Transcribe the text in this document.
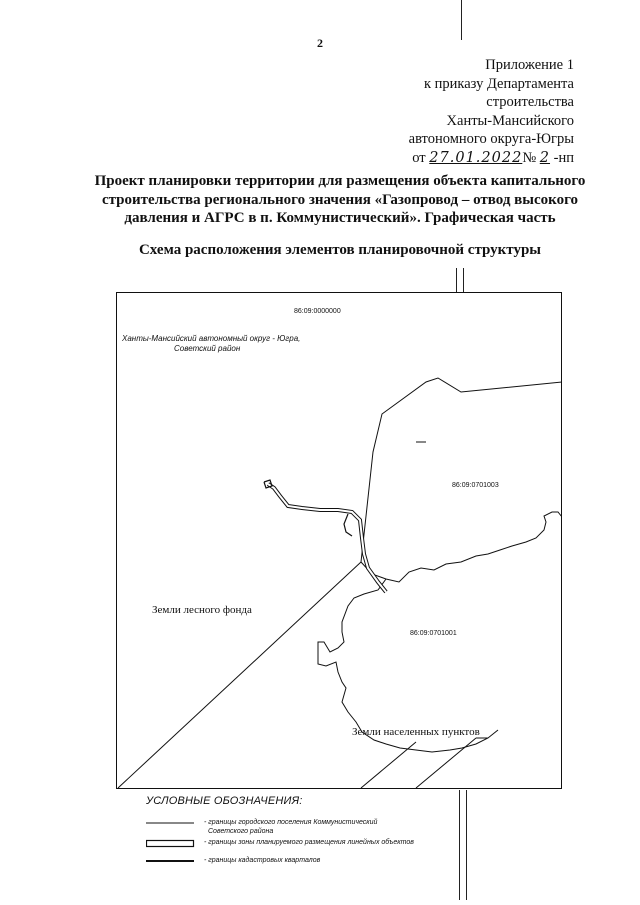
2
Приложение 1
к приказу Департамента
строительства
Ханты-Мансийского
автономного округа-Югры
от 27.01.2022№ 2 -нп
Проект планировки территории для размещения объекта капитального
строительства регионального значения «Газопровод – отвод высокого
давления и АГРС в п. Коммунистический». Графическая часть
Схема расположения элементов планировочной структуры
86:09:0000000
Ханты-Мансийский автономный округ - Югра,
Советский район
86:09:0701003
86:09:0701001
Земли лесного фонда
Земли населенных пунктов
УСЛОВНЫЕ ОБОЗНАЧЕНИЯ:
- границы городского поселения Коммунистический
Советского района
- границы зоны планируемого размещения линейных объектов
- границы кадастровых кварталов
